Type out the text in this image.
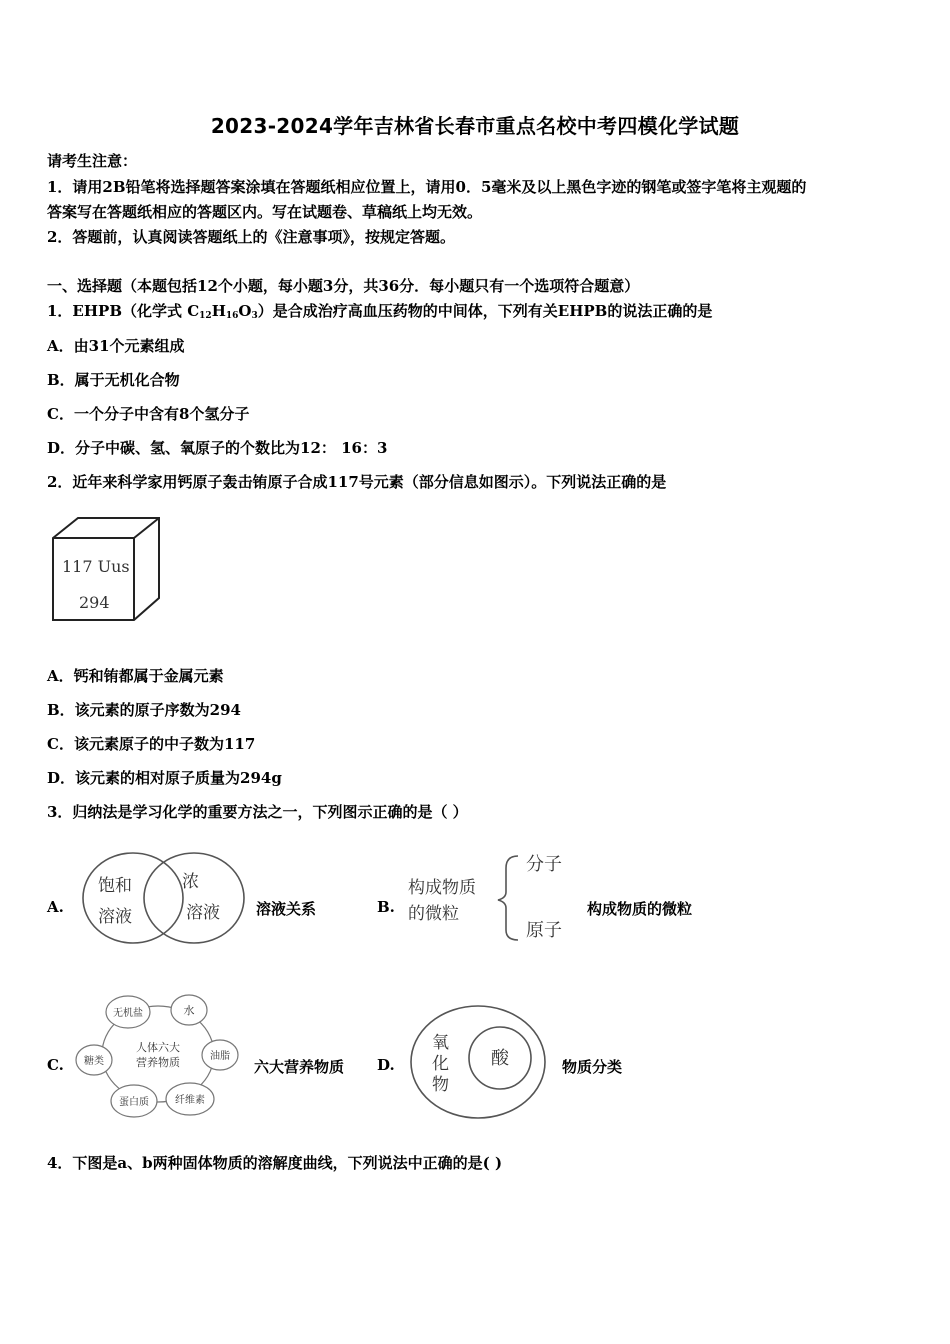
2023-2024学年吉林省长春市重点名校中考四模化学试题
请考生注意：
1．请用2B铅笔将选择题答案涂填在答题纸相应位置上，请用0．5毫米及以上黑色字迹的钢笔或签字笔将主观题的
答案写在答题纸相应的答题区内。写在试题卷、草稿纸上均无效。
2．答题前，认真阅读答题纸上的《注意事项》，按规定答题。
一、选择题（本题包括12个小题，每小题3分，共36分．每小题只有一个选项符合题意）
1．EHPB（化学式 $C_{12}H_{16}O_3$）是合成治疗高血压药物的中间体，下列有关EHPB的说法正确的是
A．由31个元素组成
B．属于无机化合物
C．一个分子中含有8个氢分子
D．分子中碳、氢、氧原子的个数比为12： 16：3
2．近年来科学家用钙原子轰击铕原子合成117号元素（部分信息如图示）。下列说法正确的是
117 Uus
294
A．钙和铕都属于金属元素
B．该元素的原子序数为294
C．该元素原子的中子数为117
D．该元素的相对原子质量为294g
3．归纳法是学习化学的重要方法之一，下列图示正确的是（ ）
A.
饱和
溶液
浓
溶液 溶液关系	B.
构成物质
的微粒
分子
原子
构成物质的微粒
C.
人体六大
营养物质
无机盐	水
油脂
纤维素
蛋白质
糖类	六大营养物质 D.
氧
化
物
酸	物质分类
4．下图是a、b两种固体物质的溶解度曲线，下列说法中正确的是( )
